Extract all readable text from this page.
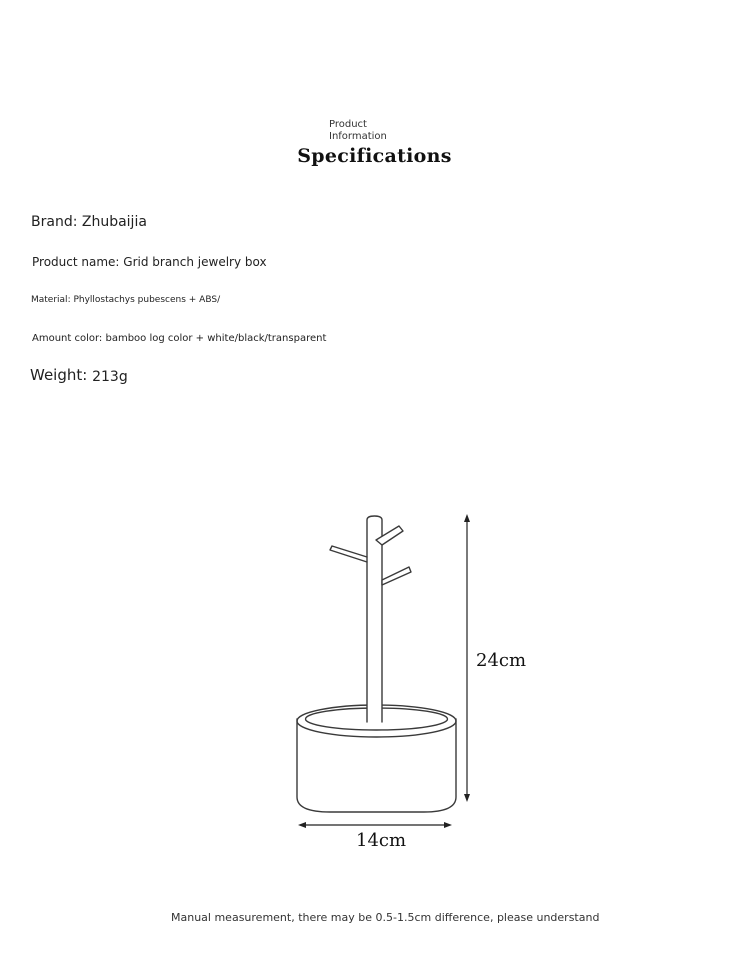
Product
Information
Specifications
Brand: Zhubaijia
Product name: Grid branch jewelry box
Material: Phyllostachys pubescens + ABS/
Amount color: bamboo log color + white/black/transparent
Weight: 213g
24cm
14cm
Manual measurement, there may be 0.5-1.5cm difference, please understand
